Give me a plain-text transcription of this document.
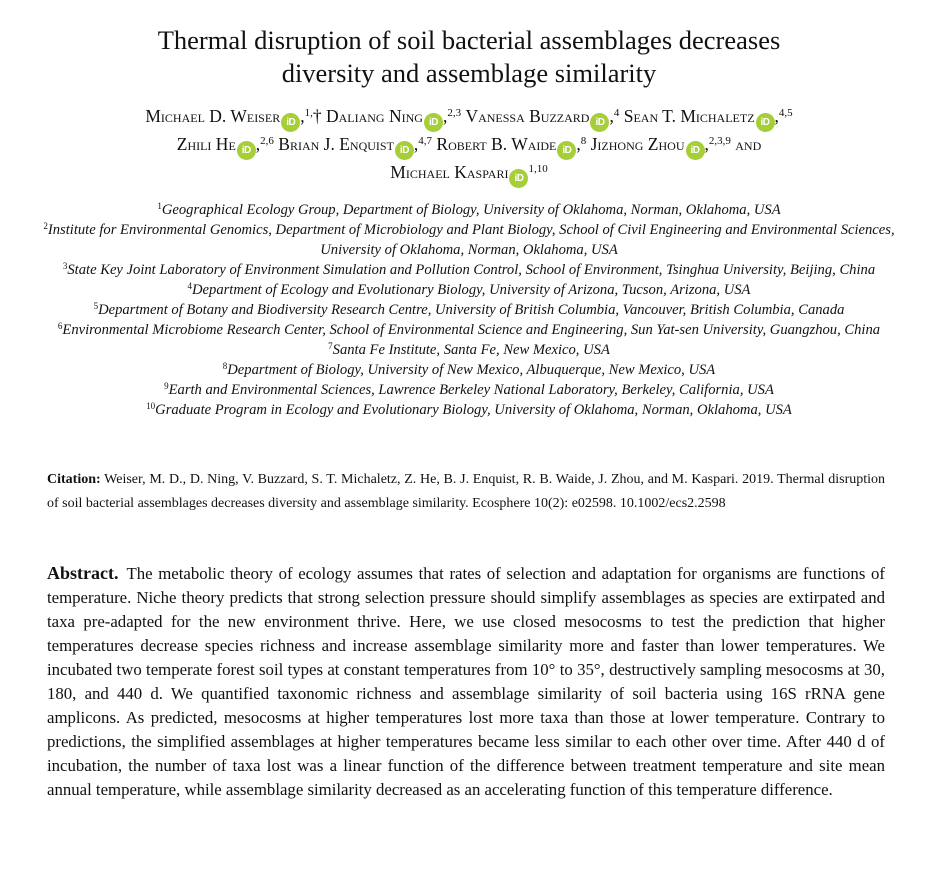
Thermal disruption of soil bacterial assemblages decreases
diversity and assemblage similarity
Michael D. Weiser iD ,$^{1,}$† Daliang Ning iD ,$^{2,3}$ Vanessa Buzzard iD ,$^4$ Sean T. Michaletz iD ,$^{4,5}$
Zhili He iD ,$^{2,6}$ Brian J. Enquist iD ,$^{4,7}$ Robert B. Waide iD ,$^8$ Jizhong Zhou iD ,$^{2,3,9}$ and
Michael Kaspari iD$^{1,10}$
$^1$Geographical Ecology Group, Department of Biology, University of Oklahoma, Norman, Oklahoma, USA
$^2$Institute for Environmental Genomics, Department of Microbiology and Plant Biology, School of Civil Engineering and Environmental Sciences, University of Oklahoma, Norman, Oklahoma, USA
$^3$State Key Joint Laboratory of Environment Simulation and Pollution Control, School of Environment, Tsinghua University, Beijing, China
$^4$Department of Ecology and Evolutionary Biology, University of Arizona, Tucson, Arizona, USA
$^5$Department of Botany and Biodiversity Research Centre, University of British Columbia, Vancouver, British Columbia, Canada
$^6$Environmental Microbiome Research Center, School of Environmental Science and Engineering, Sun Yat-sen University, Guangzhou, China
$^7$Santa Fe Institute, Santa Fe, New Mexico, USA
$^8$Department of Biology, University of New Mexico, Albuquerque, New Mexico, USA
$^9$Earth and Environmental Sciences, Lawrence Berkeley National Laboratory, Berkeley, California, USA
$^{10}$Graduate Program in Ecology and Evolutionary Biology, University of Oklahoma, Norman, Oklahoma, USA
Citation: Weiser, M. D., D. Ning, V. Buzzard, S. T. Michaletz, Z. He, B. J. Enquist, R. B. Waide, J. Zhou, and M. Kaspari. 2019. Thermal disruption of soil bacterial assemblages decreases diversity and assemblage similarity. Ecosphere 10(2): e02598. 10.1002/ecs2.2598
Abstract. The metabolic theory of ecology assumes that rates of selection and adaptation for organisms are functions of temperature. Niche theory predicts that strong selection pressure should simplify assemblages as species are extirpated and taxa pre-adapted for the new environment thrive. Here, we use closed mesocosms to test the prediction that higher temperatures decrease species richness and increase assemblage similarity more and faster than lower temperatures. We incubated two temperate forest soil types at constant temperatures from 10° to 35°, destructively sampling mesocosms at 30, 180, and 440 d. We quantified taxonomic richness and assemblage similarity of soil bacteria using 16S rRNA gene amplicons. As predicted, mesocosms at higher temperatures lost more taxa than those at lower temperature. Contrary to predictions, the simplified assemblages at higher temperatures became less similar to each other over time. After 440 d of incubation, the number of taxa lost was a linear function of the difference between treatment temperature and site mean annual temperature, while assemblage similarity decreased as an accelerating function of this temperature difference.
